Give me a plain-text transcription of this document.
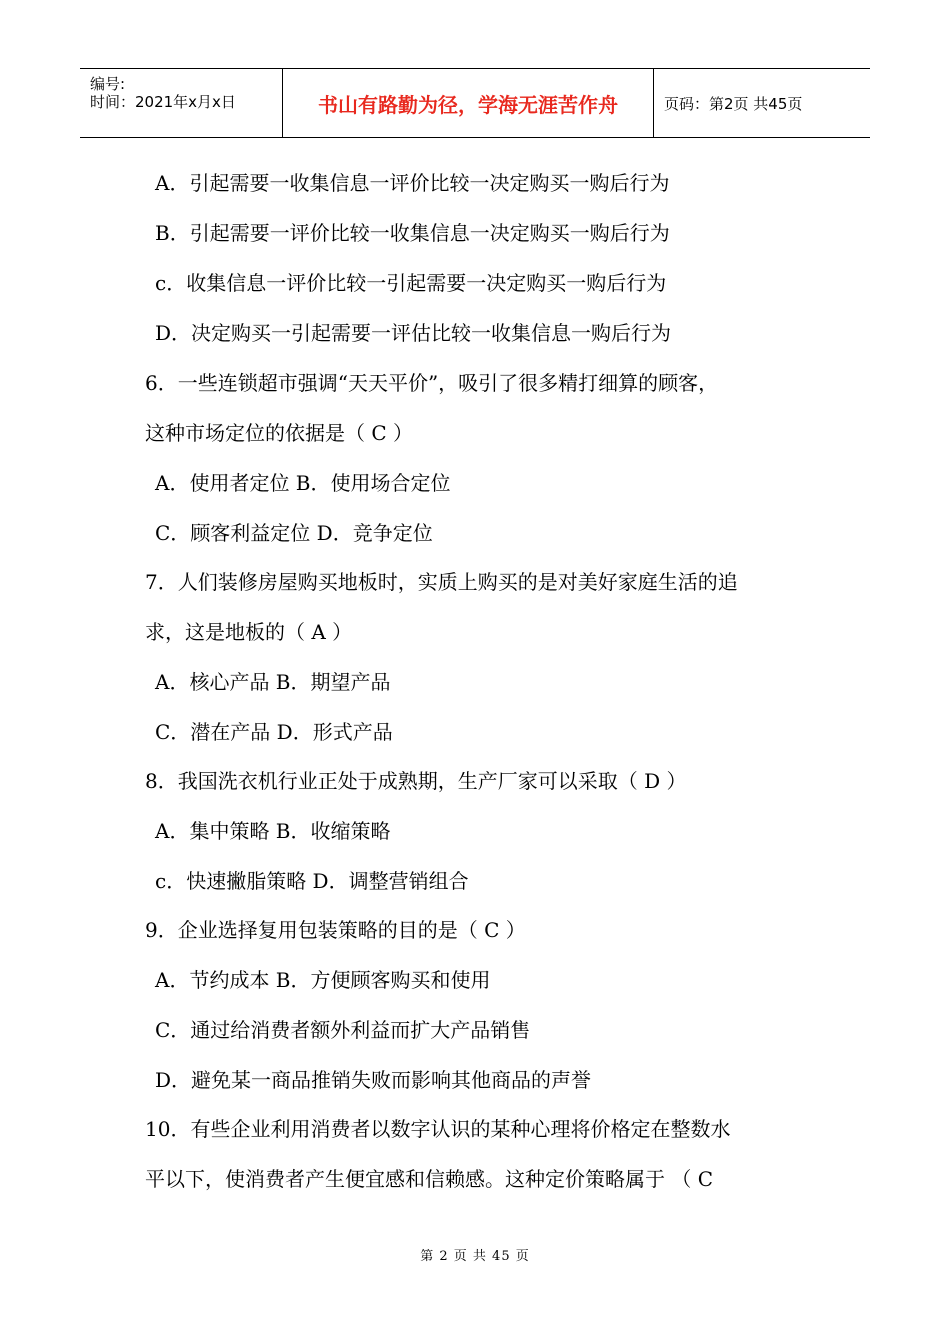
编号:
时间：2021年x月x日	书山有路勤为径，学海无涯苦作舟	页码：第2页 共45页
A．引起需要一收集信息一评价比较一决定购买一购后行为
B．引起需要一评价比较一收集信息一决定购买一购后行为
c．收集信息一评价比较一引起需要一决定购买一购后行为
D．决定购买一引起需要一评估比较一收集信息一购后行为
6．一些连锁超市强调“天天平价”，吸引了很多精打细算的顾客，
这种市场定位的依据是（ C ）
A．使用者定位 B．使用场合定位
C．顾客利益定位 D．竞争定位
7．人们装修房屋购买地板时，实质上购买的是对美好家庭生活的追
求，这是地板的（ A ）
A．核心产品 B．期望产品
C．潜在产品 D．形式产品
8．我国洗衣机行业正处于成熟期，生产厂家可以采取（ D ）
A．集中策略 B．收缩策略
c．快速撇脂策略 D．调整营销组合
9．企业选择复用包装策略的目的是（ C ）
A．节约成本 B．方便顾客购买和使用
C．通过给消费者额外利益而扩大产品销售
D．避免某一商品推销失败而影响其他商品的声誉
10．有些企业利用消费者以数字认识的某种心理将价格定在整数水
平以下，使消费者产生便宜感和信赖感。这种定价策略属于 （ C
第 2 页 共 45 页
